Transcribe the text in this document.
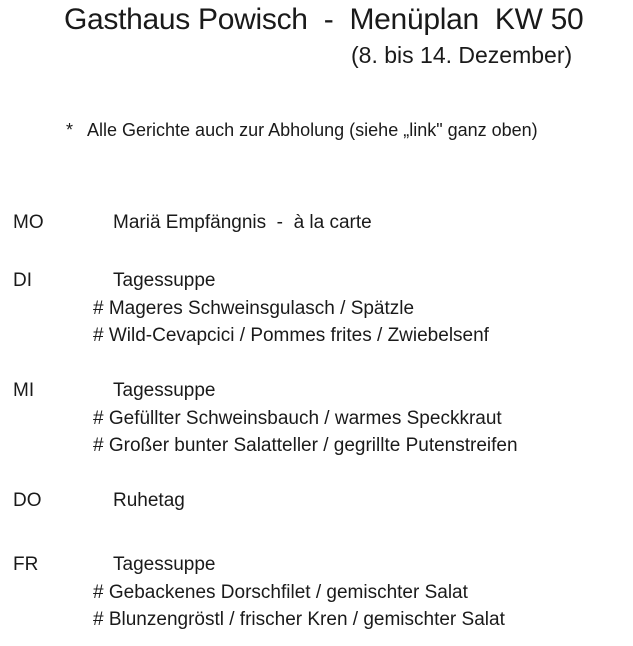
Gasthaus Powisch  -  Menüplan  KW 50
(8. bis 14. Dezember)
* Alle Gerichte auch zur Abholung (siehe „link" ganz oben)
MO	Mariä Empfängnis  -  à la carte
DI	Tagessuppe
# Mageres Schweinsgulasch / Spätzle
# Wild-Cevapcici / Pommes frites / Zwiebelsenf
MI	Tagessuppe
# Gefüllter Schweinsbauch / warmes Speckkraut
# Großer bunter Salatteller / gegrillte Putenstreifen
DO	Ruhetag
FR	Tagessuppe
# Gebackenes Dorschfilet / gemischter Salat
# Blunzengröstl / frischer Kren / gemischter Salat
